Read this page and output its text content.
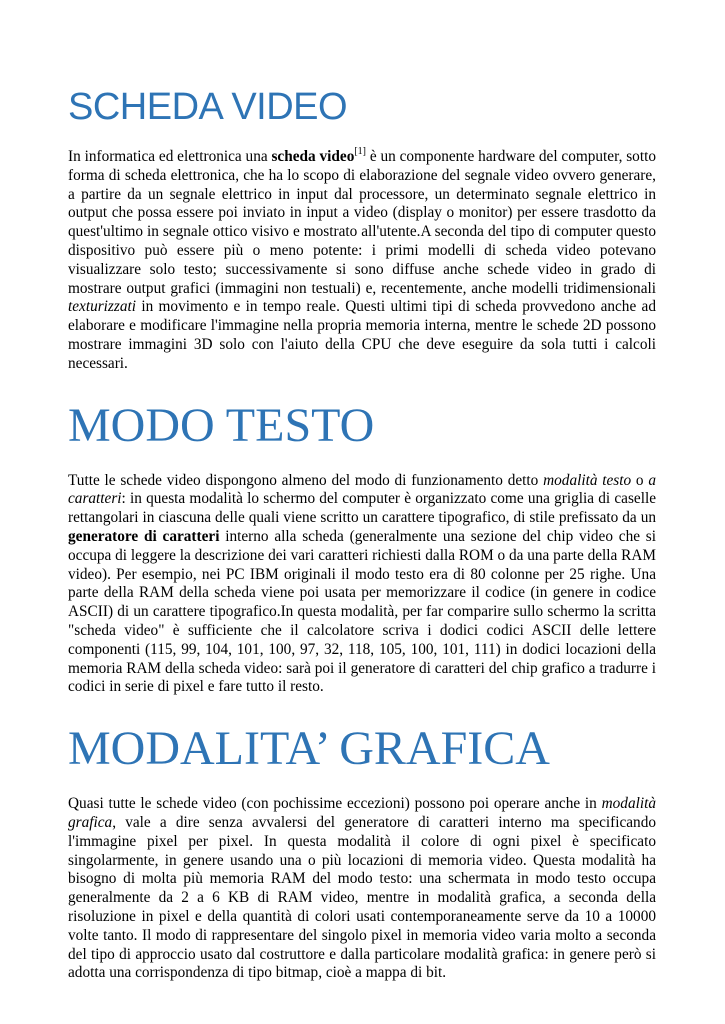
SCHEDA VIDEO

In informatica ed elettronica una scheda video[1] è un componente hardware del computer, sotto forma di scheda elettronica, che ha lo scopo di elaborazione del segnale video ovvero generare, a partire da un segnale elettrico in input dal processore, un determinato segnale elettrico in output che possa essere poi inviato in input a video (display o monitor) per essere trasdotto da quest'ultimo in segnale ottico visivo e mostrato all'utente.A seconda del tipo di computer questo dispositivo può essere più o meno potente: i primi modelli di scheda video potevano visualizzare solo testo; successivamente si sono diffuse anche schede video in grado di mostrare output grafici (immagini non testuali) e, recentemente, anche modelli tridimensionali texturizzati in movimento e in tempo reale. Questi ultimi tipi di scheda provvedono anche ad elaborare e modificare l'immagine nella propria memoria interna, mentre le schede 2D possono mostrare immagini 3D solo con l'aiuto della CPU che deve eseguire da sola tutti i calcoli necessari.

MODO TESTO

Tutte le schede video dispongono almeno del modo di funzionamento detto modalità testo o a caratteri: in questa modalità lo schermo del computer è organizzato come una griglia di caselle rettangolari in ciascuna delle quali viene scritto un carattere tipografico, di stile prefissato da un generatore di caratteri interno alla scheda (generalmente una sezione del chip video che si occupa di leggere la descrizione dei vari caratteri richiesti dalla ROM o da una parte della RAM video). Per esempio, nei PC IBM originali il modo testo era di 80 colonne per 25 righe. Una parte della RAM della scheda viene poi usata per memorizzare il codice (in genere in codice ASCII) di un carattere tipografico.In questa modalità, per far comparire sullo schermo la scritta "scheda video" è sufficiente che il calcolatore scriva i dodici codici ASCII delle lettere componenti (115, 99, 104, 101, 100, 97, 32, 118, 105, 100, 101, 111) in dodici locazioni della memoria RAM della scheda video: sarà poi il generatore di caratteri del chip grafico a tradurre i codici in serie di pixel e fare tutto il resto.

MODALITA’ GRAFICA

Quasi tutte le schede video (con pochissime eccezioni) possono poi operare anche in modalità grafica, vale a dire senza avvalersi del generatore di caratteri interno ma specificando l'immagine pixel per pixel. In questa modalità il colore di ogni pixel è specificato singolarmente, in genere usando una o più locazioni di memoria video. Questa modalità ha bisogno di molta più memoria RAM del modo testo: una schermata in modo testo occupa generalmente da 2 a 6 KB di RAM video, mentre in modalità grafica, a seconda della risoluzione in pixel e della quantità di colori usati contemporaneamente serve da 10 a 10000 volte tanto. Il modo di rappresentare del singolo pixel in memoria video varia molto a seconda del tipo di approccio usato dal costruttore e dalla particolare modalità grafica: in genere però si adotta una corrispondenza di tipo bitmap, cioè a mappa di bit.
